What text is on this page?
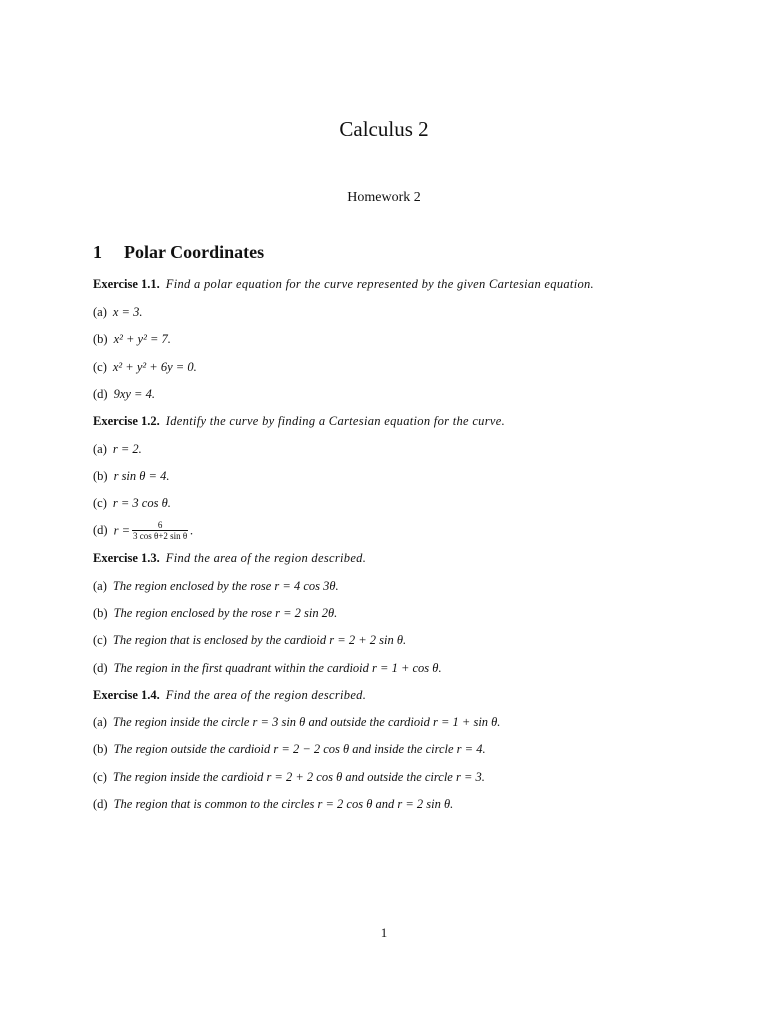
Calculus 2
Homework 2
1 Polar Coordinates
Exercise 1.1. Find a polar equation for the curve represented by the given Cartesian equation.
(a) x = 3.
(b) x² + y² = 7.
(c) x² + y² + 6y = 0.
(d) 9xy = 4.
Exercise 1.2. Identify the curve by finding a Cartesian equation for the curve.
(a) r = 2.
(b) r sin θ = 4.
(c) r = 3 cos θ.
(d) $r = \frac{6}{\text{3 cos θ+2 sin θ}}$ .
Exercise 1.3. Find the area of the region described.
(a) The region enclosed by the rose r = 4 cos 3θ.
(b) The region enclosed by the rose r = 2 sin 2θ.
(c) The region that is enclosed by the cardioid r = 2 + 2 sin θ.
(d) The region in the first quadrant within the cardioid r = 1 + cos θ.
Exercise 1.4. Find the area of the region described.
(a) The region inside the circle r = 3 sin θ and outside the cardioid r = 1 + sin θ.
(b) The region outside the cardioid r = 2 − 2 cos θ and inside the circle r = 4.
(c) The region inside the cardioid r = 2 + 2 cos θ and outside the circle r = 3.
(d) The region that is common to the circles r = 2 cos θ and r = 2 sin θ.
1
